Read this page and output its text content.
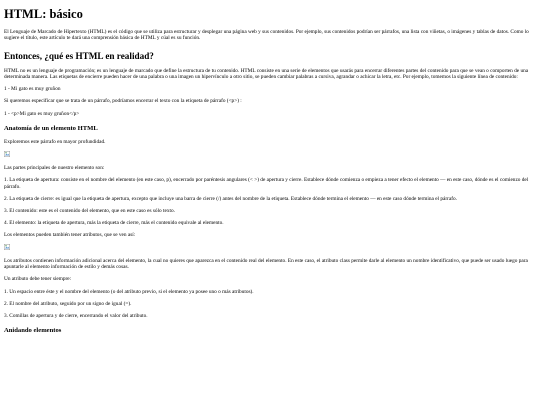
HTML: básico

El Lenguaje de Marcado de Hipertexto (HTML) es el código que se utiliza para estructurar y desplegar una página web y sus contenidos. Por ejemplo, sus contenidos podrían ser párrafos, una lista con viñetas, o imágenes y tablas de datos. Como lo sugiere el título, este artículo te dará una comprensión básica de HTML y cúal es su función.

Entonces, ¿qué es HTML en realidad?

HTML no es un lenguaje de programación; es un lenguaje de marcado que define la estructura de tu contenido. HTML consiste en una serie de elementos que usarás para encerrar diferentes partes del contenido para que se vean o comporten de una determinada manera. Las etiquetas de encierre pueden hacer de una palabra o una imagen un hipervínculo a otro sitio, se pueden cambiar palabras a cursiva, agrandar o achicar la letra, etc. Por ejemplo, tomemos la siguiente línea de contenido:

1 - Mi gato es muy gruñon

Si queremos especificar que se trata de un párrafo, podríamos encerrar el texto con la etiqueta de párrafo (<p>) :

1 - <p>Mi gato es muy gruñon</p>

Anatomía de un elemento HTML

Exploremos este párrafo en mayor profundidad.

Las partes principales de nuestro elemento son:

1. La etiqueta de apertura: consiste en el nombre del elemento (en este caso, p), encerrado por paréntesis angulares (< >) de apertura y cierre. Establece dónde comienza o empieza a tener efecto el elemento — en este caso, dónde es el comienzo del párrafo.

2. La etiqueta de cierre: es igual que la etiqueta de apertura, excepto que incluye una barra de cierre (/) antes del nombre de la etiqueta. Establece dónde termina el elemento — en este caso dónde termina el párrafo.

3. El contenido: este es el contenido del elemento, que en este caso es sólo texto.

4. El elemento: la etiqueta de apertura, más la etiqueta de cierre, más el contenido equivale al elemento.

Los elementos pueden también tener atributos, que se ven así:

Los atributos contienen información adicional acerca del elemento, la cual no quieres que aparezca en el contenido real del elemento. En este caso, el atributo class permite darle al elemento un nombre identificativo, que puede ser usado luego para apuntarle al elemento información de estilo y demás cosas.

Un atributo debe tener siempre:

1. Un espacio entre éste y el nombre del elemento (o del atributo previo, si el elemento ya posee uno o más atributos).

2. El nombre del atributo, seguido por un signo de igual (=).

3. Comillas de apertura y de cierre, encerrando el valor del atributo.

Anidando elementos
